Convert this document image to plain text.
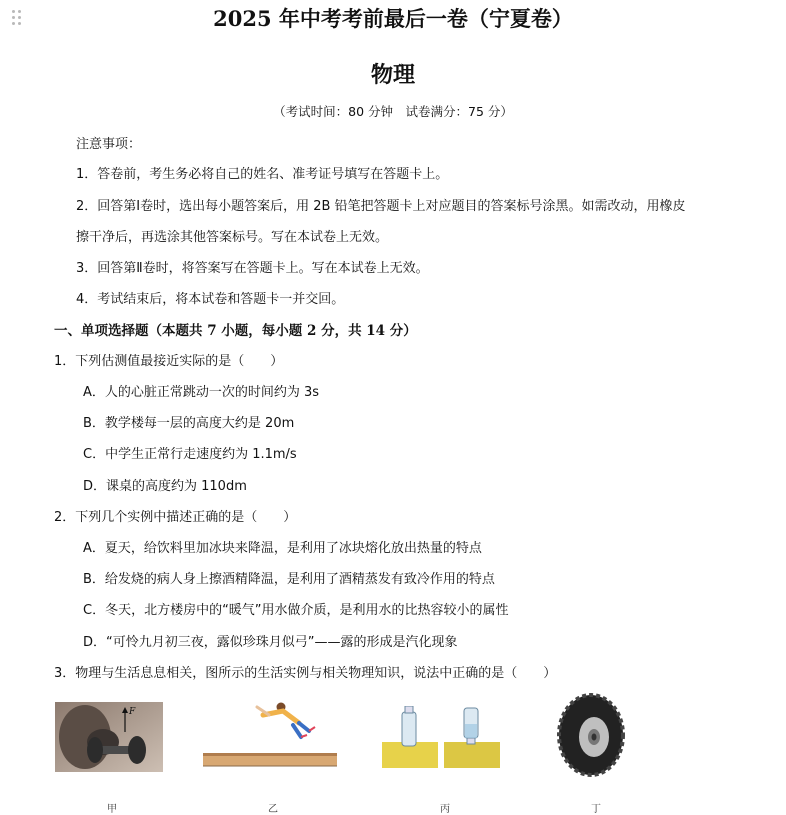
2025 年中考考前最后一卷（宁夏卷）
物理
（考试时间：80 分钟　试卷满分：75 分）
注意事项：
1．答卷前，考生务必将自己的姓名、准考证号填写在答题卡上。
2．回答第Ⅰ卷时，选出每小题答案后，用 2B 铅笔把答题卡上对应题目的答案标号涂黑。如需改动，用橡皮
擦干净后，再选涂其他答案标号。写在本试卷上无效。
3．回答第Ⅱ卷时，将答案写在答题卡上。写在本试卷上无效。
4．考试结束后，将本试卷和答题卡一并交回。
一、单项选择题（本题共 7 小题，每小题 2 分，共 14 分）
1．下列估测值最接近实际的是（　　）
A．人的心脏正常跳动一次的时间约为 3s
B．教学楼每一层的高度大约是 20m
C．中学生正常行走速度约为 1.1m/s
D．课桌的高度约为 110dm
2．下列几个实例中描述正确的是（　　）
A．夏天，给饮料里加冰块来降温，是利用了冰块熔化放出热量的特点
B．给发烧的病人身上擦酒精降温，是利用了酒精蒸发有致冷作用的特点
C．冬天，北方楼房中的“暖气”用水做介质，是利用水的比热容较小的属性
D．“可怜九月初三夜，露似珍珠月似弓”——露的形成是汽化现象
3．物理与生活息息相关，图所示的生活实例与相关物理知识，说法中正确的是（　　）
F
甲	乙	丙	丁
